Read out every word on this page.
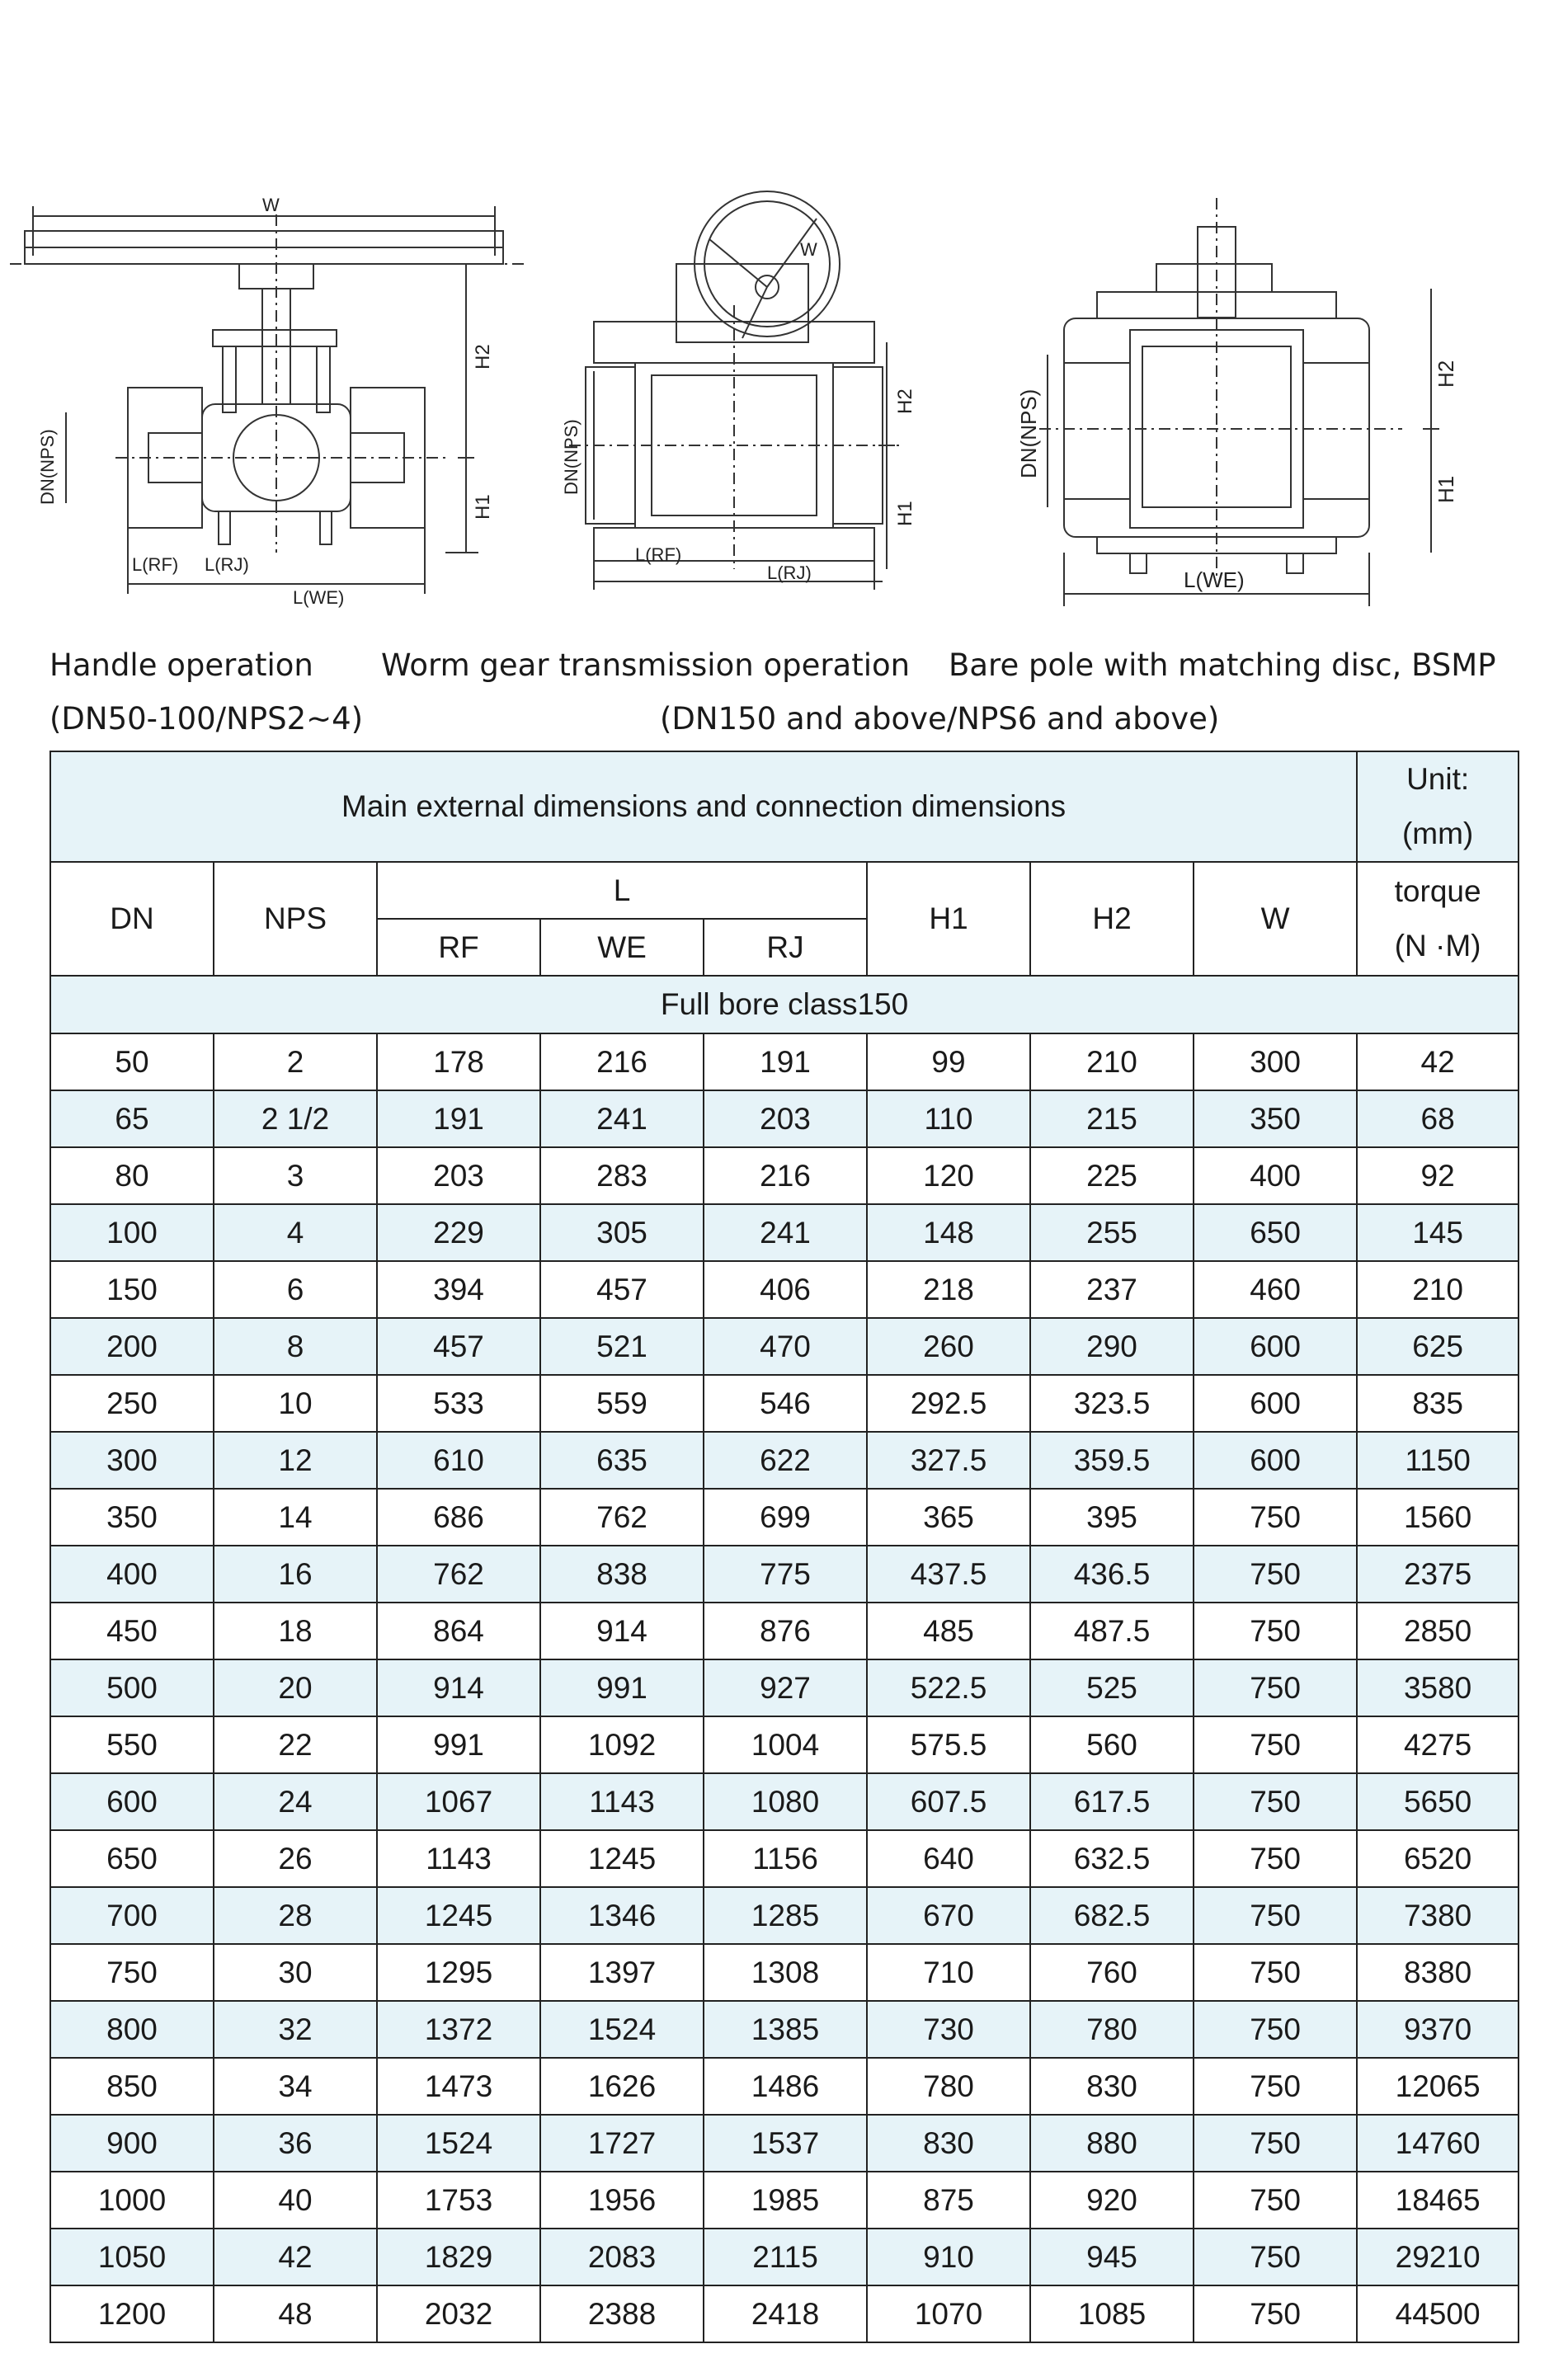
W
H2
H1
DN(NPS)
L(RF) L(RJ)
L(WE)
W
H2
H1
DN(NPS)
L(RF)
L(RJ)
H2
H1
DN(NPS)
L(WE)
Handle operation Worm gear transmission operation Bare pole with matching disc, BSMP
(DN50-100/NPS2~4)	(DN150 and above/NPS6 and above)
Main external dimensions and connection dimensions								Unit:
(mm)

DN	NPS	L			H1	H2	W	torque
(N ·M)

		RF	WE	RJ				
Full bore class150								
50	2	178	216	191	99	210	300	42
65	2 1/2	191	241	203	110	215	350	68
80	3	203	283	216	120	225	400	92
100	4	229	305	241	148	255	650	145
150	6	394	457	406	218	237	460	210
200	8	457	521	470	260	290	600	625
250	10	533	559	546	292.5	323.5	600	835
300	12	610	635	622	327.5	359.5	600	1150
350	14	686	762	699	365	395	750	1560
400	16	762	838	775	437.5	436.5	750	2375
450	18	864	914	876	485	487.5	750	2850
500	20	914	991	927	522.5	525	750	3580
550	22	991	1092	1004	575.5	560	750	4275
600	24	1067	1143	1080	607.5	617.5	750	5650
650	26	1143	1245	1156	640	632.5	750	6520
700	28	1245	1346	1285	670	682.5	750	7380
750	30	1295	1397	1308	710	760	750	8380
800	32	1372	1524	1385	730	780	750	9370
850	34	1473	1626	1486	780	830	750	12065
900	36	1524	1727	1537	830	880	750	14760
1000	40	1753	1956	1985	875	920	750	18465
1050	42	1829	2083	2115	910	945	750	29210
1200	48	2032	2388	2418	1070	1085	750	44500
